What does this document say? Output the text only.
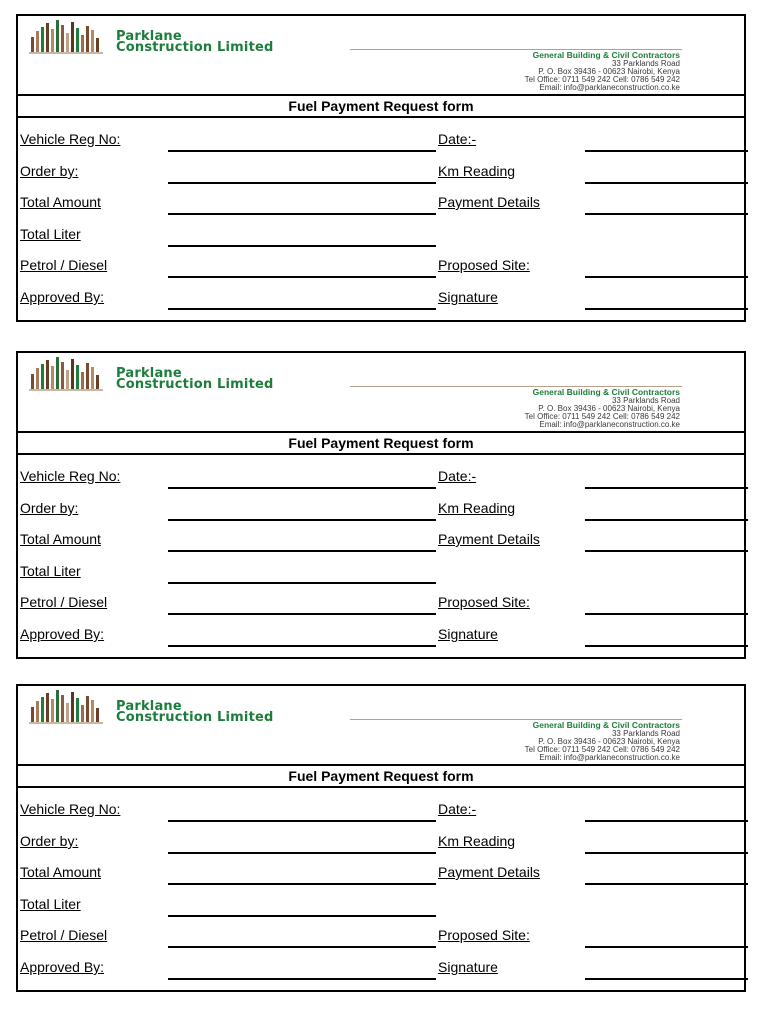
Parklane
Construction Limited	General Building & Civil Contractors
33 Parklands Road
P. O. Box 39436 - 00623 Nairobi, Kenya
Tel Office: 0711 549 242 Cell: 0786 549 242
Email: info@parklaneconstruction.co.ke
Fuel Payment Request form
Vehicle Reg No:	Date:-
Order by:	Km Reading
Total Amount	Payment Details
Total Liter
Petrol / Diesel	Proposed Site:
Approved By:	Signature
Parklane
Construction Limited	General Building & Civil Contractors
33 Parklands Road
P. O. Box 39436 - 00623 Nairobi, Kenya
Tel Office: 0711 549 242 Cell: 0786 549 242
Email: info@parklaneconstruction.co.ke
Fuel Payment Request form
Vehicle Reg No:	Date:-
Order by:	Km Reading
Total Amount	Payment Details
Total Liter
Petrol / Diesel	Proposed Site:
Approved By:	Signature
Parklane
Construction Limited	General Building & Civil Contractors
33 Parklands Road
P. O. Box 39436 - 00623 Nairobi, Kenya
Tel Office: 0711 549 242 Cell: 0786 549 242
Email: info@parklaneconstruction.co.ke
Fuel Payment Request form
Vehicle Reg No:	Date:-
Order by:	Km Reading
Total Amount	Payment Details
Total Liter
Petrol / Diesel	Proposed Site:
Approved By:	Signature
